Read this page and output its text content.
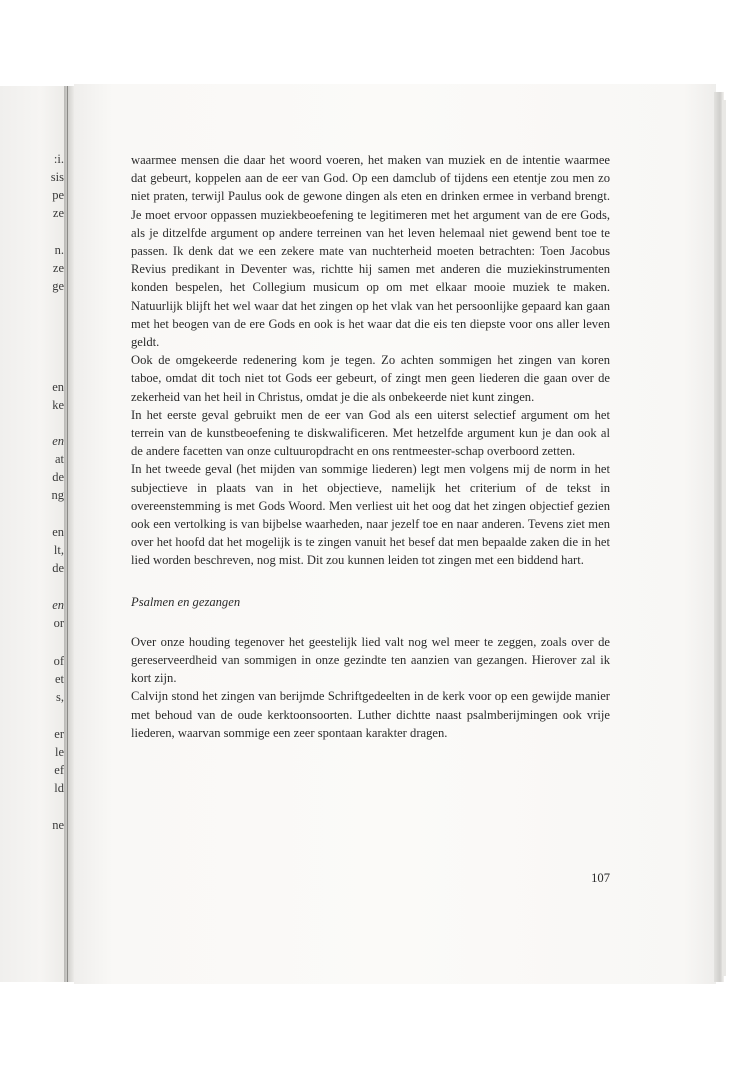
:i.
sis
pe
ze
n.
ze
ge
en
ke
en
at
de
ng
en
lt,
de
en
or
of
et
s,
er
le
ef
ld
ne

waarmee mensen die daar het woord voeren, het maken van muziek en de intentie waarmee dat gebeurt, koppelen aan de eer van God. Op een damclub of tijdens een etentje zou men zo niet praten, terwijl Paulus ook de gewone dingen als eten en drinken ermee in verband brengt. Je moet ervoor oppassen muziekbeoefening te legitimeren met het argument van de ere Gods, als je ditzelfde argument op andere terreinen van het leven helemaal niet gewend bent toe te passen. Ik denk dat we een zekere mate van nuchterheid moeten betrachten: Toen Jacobus Revius predikant in Deventer was, richtte hij samen met anderen die muziekinstrumenten konden bespelen, het Collegium musicum op om met elkaar mooie muziek te maken. Natuurlijk blijft het wel waar dat het zingen op het vlak van het persoonlijke gepaard kan gaan met het beogen van de ere Gods en ook is het waar dat die eis ten diepste voor ons aller leven geldt.

Ook de omgekeerde redenering kom je tegen. Zo achten sommigen het zingen van koren taboe, omdat dit toch niet tot Gods eer gebeurt, of zingt men geen liederen die gaan over de zekerheid van het heil in Christus, omdat je die als onbekeerde niet kunt zingen.

In het eerste geval gebruikt men de eer van God als een uiterst selectief argument om het terrein van de kunstbeoefening te diskwalificeren. Met hetzelfde argument kun je dan ook al de andere facetten van onze cultuuropdracht en ons rentmeester-schap overboord zetten.

In het tweede geval (het mijden van sommige liederen) legt men volgens mij de norm in het subjectieve in plaats van in het objectieve, namelijk het criterium of de tekst in overeenstemming is met Gods Woord. Men verliest uit het oog dat het zingen objectief gezien ook een vertolking is van bijbelse waarheden, naar jezelf toe en naar anderen. Tevens ziet men over het hoofd dat het mogelijk is te zingen vanuit het besef dat men bepaalde zaken die in het lied worden beschreven, nog mist. Dit zou kunnen leiden tot zingen met een biddend hart.

Psalmen en gezangen

Over onze houding tegenover het geestelijk lied valt nog wel meer te zeggen, zoals over de gereserveerdheid van sommigen in onze gezindte ten aanzien van gezangen. Hierover zal ik kort zijn.

Calvijn stond het zingen van berijmde Schriftgedeelten in de kerk voor op een gewijde manier met behoud van de oude kerktoonsoorten. Luther dichtte naast psalmberijmingen ook vrije liederen, waarvan sommige een zeer spontaan karakter dragen.

107
